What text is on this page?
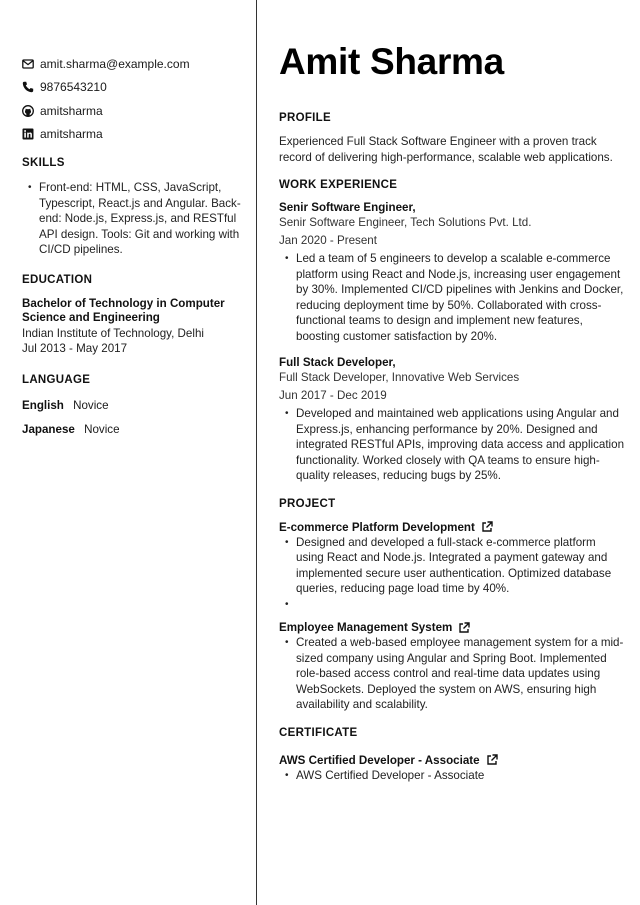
amit.sharma@example.com
9876543210
amitsharma
amitsharma
SKILLS
• Front-end: HTML, CSS, JavaScript, Typescript, React.js and Angular. Back-end: Node.js, Express.js, and RESTful API design. Tools: Git and working with CI/CD pipelines.
EDUCATION
Bachelor of Technology in Computer Science and Engineering
Indian Institute of Technology, Delhi
Jul 2013 - May 2017
LANGUAGE
English Novice
Japanese Novice
Amit Sharma
PROFILE
Experienced Full Stack Software Engineer with a proven track record of delivering high-performance, scalable web applications.
WORK EXPERIENCE
Senir Software Engineer,
Senir Software Engineer, Tech Solutions Pvt. Ltd.
Jan 2020 - Present
• Led a team of 5 engineers to develop a scalable e-commerce platform using React and Node.js, increasing user engagement by 30%. Implemented CI/CD pipelines with Jenkins and Docker, reducing deployment time by 50%. Collaborated with cross-functional teams to design and implement new features, boosting customer satisfaction by 20%.
Full Stack Developer,
Full Stack Developer, Innovative Web Services
Jun 2017 - Dec 2019
• Developed and maintained web applications using Angular and Express.js, enhancing performance by 20%. Designed and integrated RESTful APIs, improving data access and application functionality. Worked closely with QA teams to ensure high-quality releases, reducing bugs by 25%.
PROJECT
E-commerce Platform Development
• Designed and developed a full-stack e-commerce platform using React and Node.js. Integrated a payment gateway and implemented secure user authentication. Optimized database queries, reducing page load time by 40%.
•
Employee Management System
• Created a web-based employee management system for a mid-sized company using Angular and Spring Boot. Implemented role-based access control and real-time data updates using WebSockets. Deployed the system on AWS, ensuring high availability and scalability.
CERTIFICATE
AWS Certified Developer - Associate
• AWS Certified Developer - Associate
